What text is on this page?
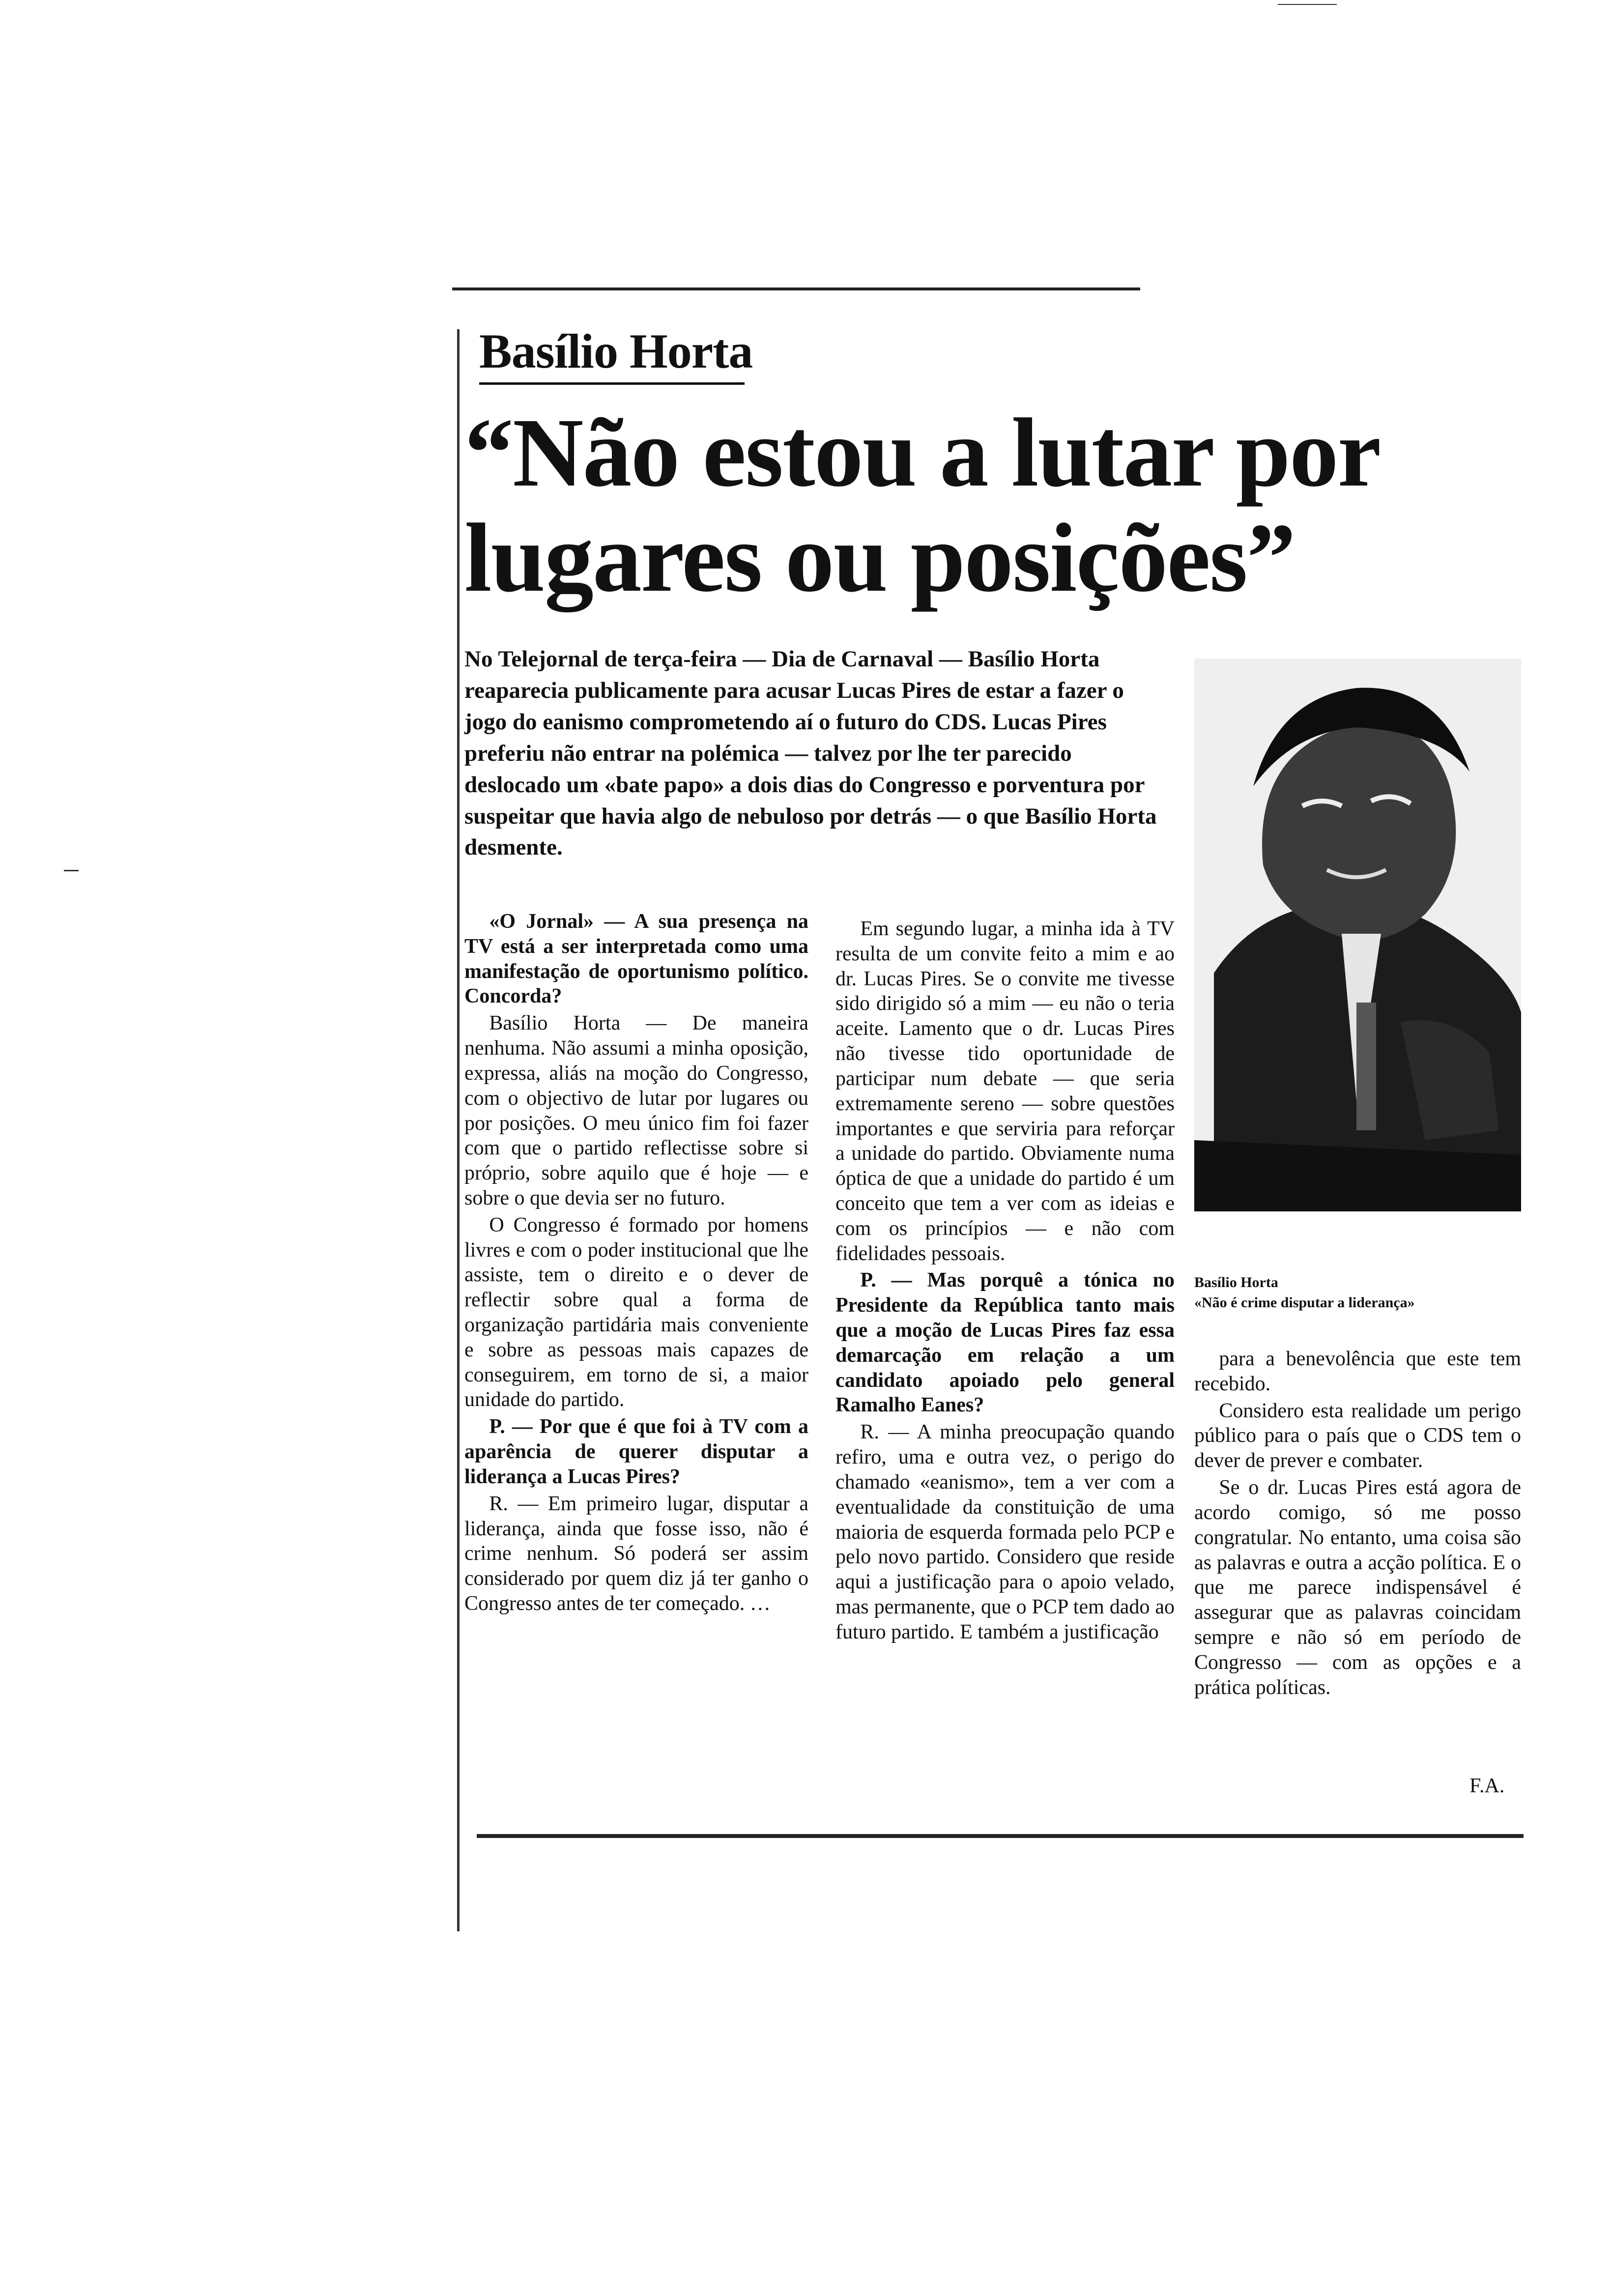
Basílio Horta
“Não estou a lutar por lugares ou posições”
No Telejornal de terça-feira — Dia de Carnaval — Basílio Horta reaparecia publicamente para acusar Lucas Pires de estar a fazer o jogo do eanismo comprometendo aí o futuro do CDS. Lucas Pires preferiu não entrar na polémica — talvez por lhe ter parecido deslocado um «bate papo» a dois dias do Congresso e porventura por suspeitar que havia algo de nebuloso por detrás — o que Basílio Horta desmente.
Basílio Horta
«Não é crime disputar a liderança»

«O Jornal» — A sua presença na TV está a ser interpretada como uma manifestação de oportunismo político. Concorda?

Basílio Horta — De maneira nenhuma. Não assumi a minha oposição, expressa, aliás na moção do Congresso, com o objectivo de lutar por lugares ou por posições. O meu único fim foi fazer com que o partido reflectisse sobre si próprio, sobre aquilo que é hoje — e sobre o que devia ser no futuro.

O Congresso é formado por homens livres e com o poder institucional que lhe assiste, tem o direito e o dever de reflectir sobre qual a forma de organização partidária mais conveniente e sobre as pessoas mais capazes de conseguirem, em torno de si, a maior unidade do partido.

P. — Por que é que foi à TV com a aparência de querer disputar a liderança a Lucas Pires?

R. — Em primeiro lugar, disputar a liderança, ainda que fosse isso, não é crime nenhum. Só poderá ser assim considerado por quem diz já ter ganho o Congresso antes de ter começado. …

Em segundo lugar, a minha ida à TV resulta de um convite feito a mim e ao dr. Lucas Pires. Se o convite me tivesse sido dirigido só a mim — eu não o teria aceite. Lamento que o dr. Lucas Pires não tivesse tido oportunidade de participar num debate — que seria extremamente sereno — sobre questões importantes e que serviria para reforçar a unidade do partido. Obviamente numa óptica de que a unidade do partido é um conceito que tem a ver com as ideias e com os princípios — e não com fidelidades pessoais.

P. — Mas porquê a tónica no Presidente da República tanto mais que a moção de Lucas Pires faz essa demarcação em relação a um candidato apoiado pelo general Ramalho Eanes?

R. — A minha preocupação quando refiro, uma e outra vez, o perigo do chamado «eanismo», tem a ver com a eventualidade da constituição de uma maioria de esquerda formada pelo PCP e pelo novo partido. Considero que reside aqui a justificação para o apoio velado, mas permanente, que o PCP tem dado ao futuro partido. E também a justificação

para a benevolência que este tem recebido.

Considero esta realidade um perigo público para o país que o CDS tem o dever de prever e combater.

Se o dr. Lucas Pires está agora de acordo comigo, só me posso congratular. No entanto, uma coisa são as palavras e outra a acção política. E o que me parece indispensável é assegurar que as palavras coincidam sempre e não só em período de Congresso — com as opções e a prática políticas.

F.A.
